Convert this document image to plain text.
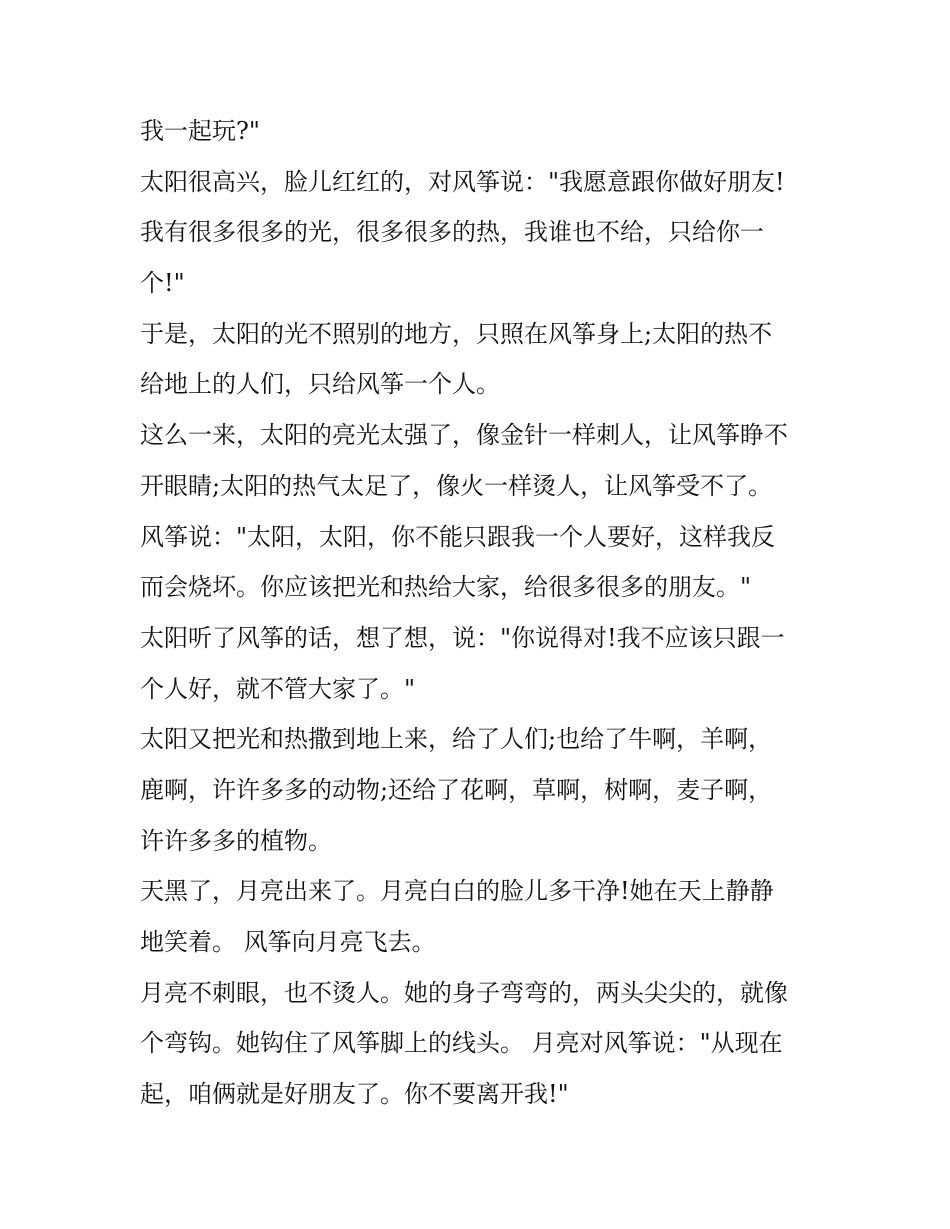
我一起玩?"
太阳很高兴，脸儿红红的，对风筝说："我愿意跟你做好朋友!
我有很多很多的光，很多很多的热，我谁也不给，只给你一
个!"
于是，太阳的光不照别的地方，只照在风筝身上;太阳的热不
给地上的人们，只给风筝一个人。
这么一来，太阳的亮光太强了，像金针一样刺人，让风筝睁不
开眼睛;太阳的热气太足了，像火一样烫人，让风筝受不了。
风筝说："太阳，太阳，你不能只跟我一个人要好，这样我反
而会烧坏。你应该把光和热给大家，给很多很多的朋友。"
太阳听了风筝的话，想了想，说："你说得对!我不应该只跟一
个人好，就不管大家了。"
太阳又把光和热撒到地上来，给了人们;也给了牛啊，羊啊，
鹿啊，许许多多的动物;还给了花啊，草啊，树啊，麦子啊，
许许多多的植物。
天黑了，月亮出来了。月亮白白的脸儿多干净!她在天上静静
地笑着。 风筝向月亮飞去。
月亮不刺眼，也不烫人。她的身子弯弯的，两头尖尖的，就像
个弯钩。她钩住了风筝脚上的线头。 月亮对风筝说："从现在
起，咱俩就是好朋友了。你不要离开我!"
